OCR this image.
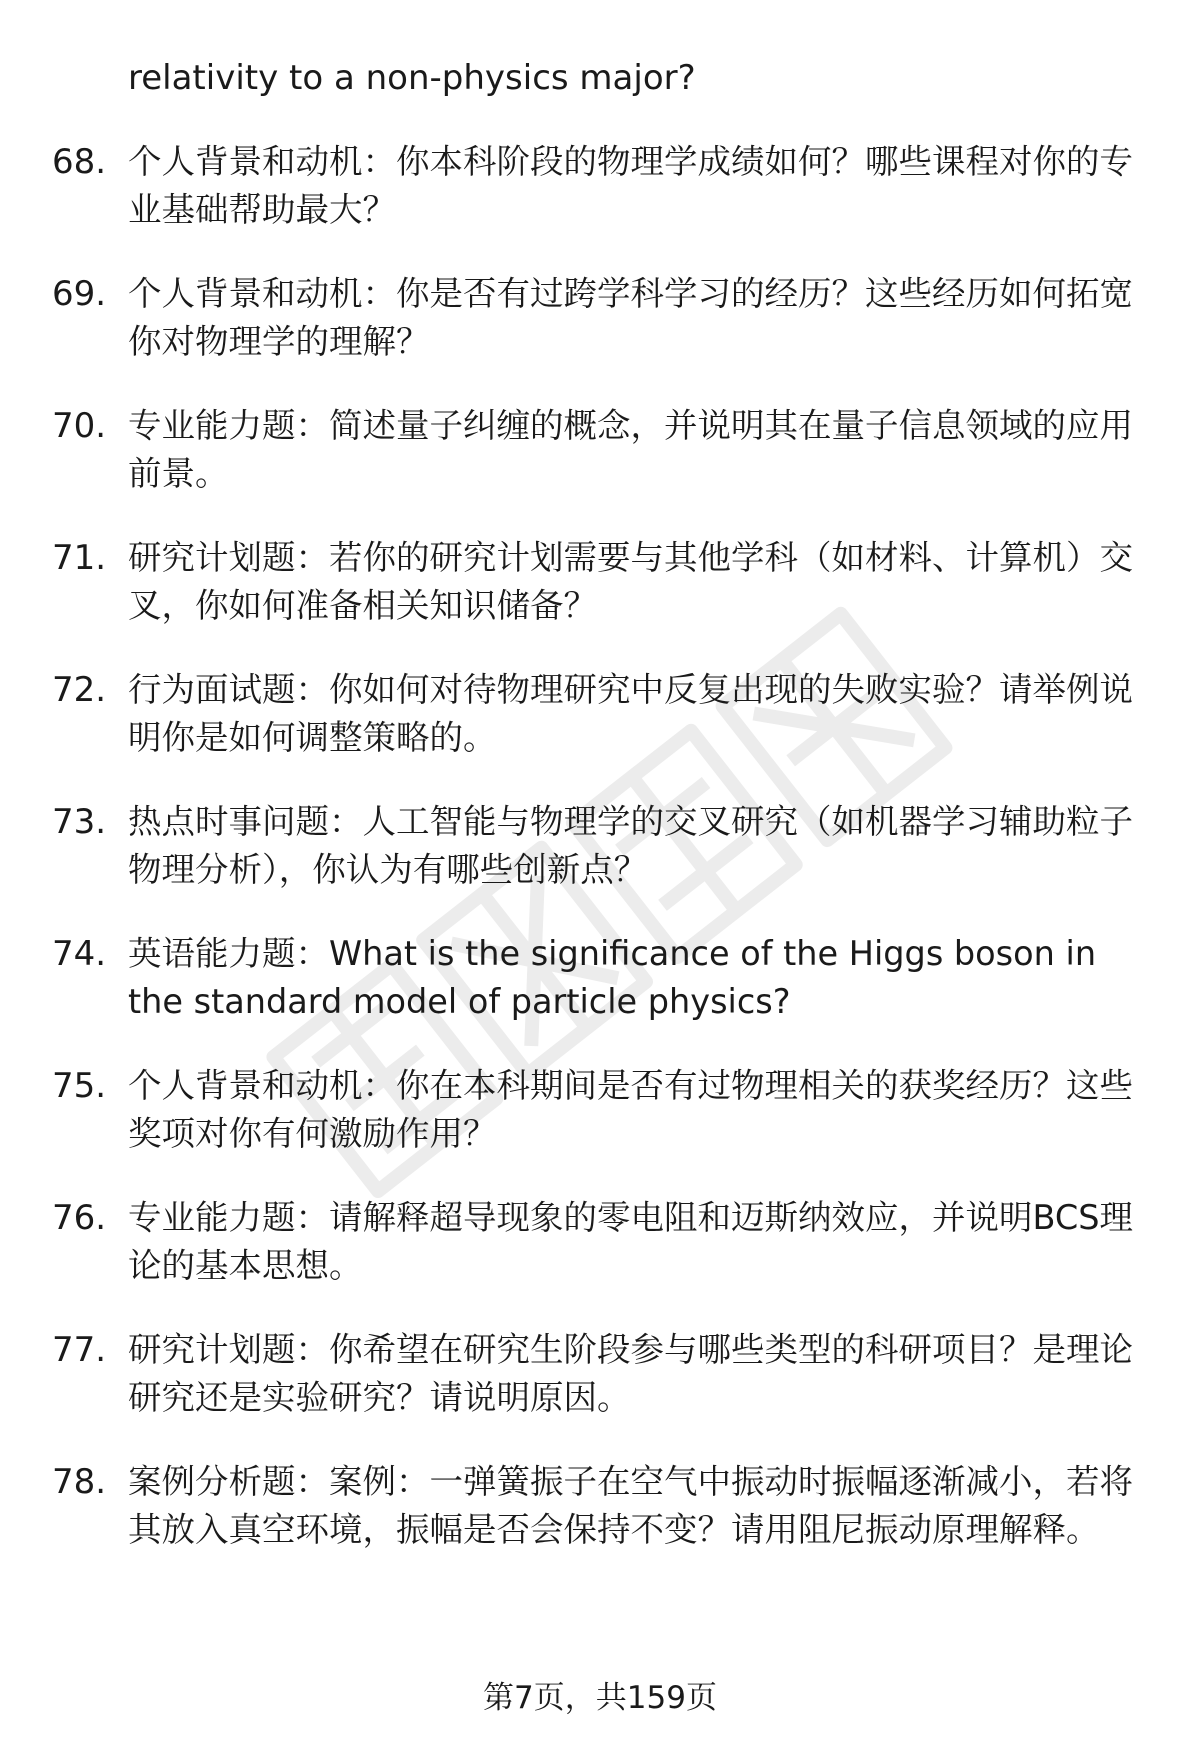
relativity to a non-physics major?
68. 个人背景和动机：你本科阶段的物理学成绩如何？哪些课程对你的专业基础帮助最大？
69. 个人背景和动机：你是否有过跨学科学习的经历？这些经历如何拓宽你对物理学的理解？
70. 专业能力题：简述量子纠缠的概念，并说明其在量子信息领域的应用前景。
71. 研究计划题：若你的研究计划需要与其他学科（如材料、计算机）交叉，你如何准备相关知识储备？
72. 行为面试题：你如何对待物理研究中反复出现的失败实验？请举例说明你是如何调整策略的。
73. 热点时事问题：人工智能与物理学的交叉研究（如机器学习辅助粒子物理分析），你认为有哪些创新点？
74. 英语能力题：What is the significance of the Higgs boson in the standard model of particle physics?
75. 个人背景和动机：你在本科期间是否有过物理相关的获奖经历？这些奖项对你有何激励作用？
76. 专业能力题：请解释超导现象的零电阻和迈斯纳效应，并说明BCS理论的基本思想。
77. 研究计划题：你希望在研究生阶段参与哪些类型的科研项目？是理论研究还是实验研究？请说明原因。
78. 案例分析题：案例：一弹簧振子在空气中振动时振幅逐渐减小，若将其放入真空环境，振幅是否会保持不变？请用阻尼振动原理解释。
第7页，共159页
